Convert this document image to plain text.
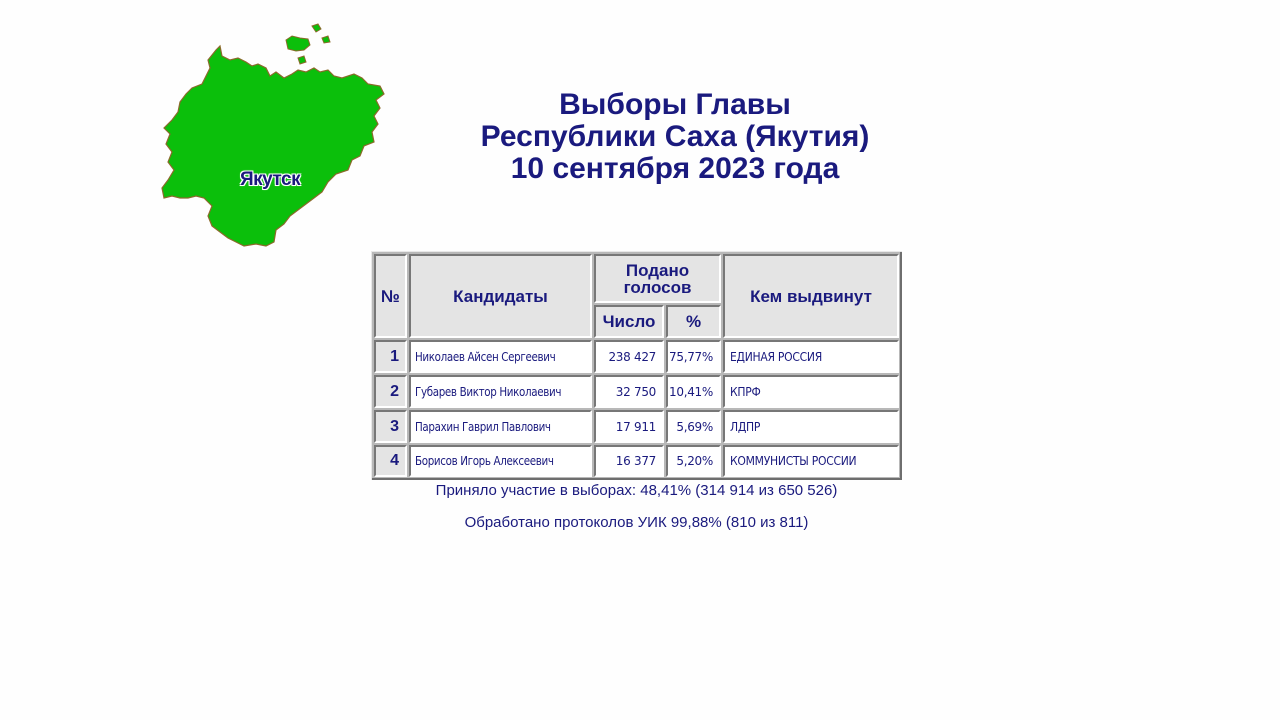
Якутск
Выборы Главы
Республики Саха (Якутия)
10 сентября 2023 года
№	Кандидаты
Подано голосов
Число	%
Кем выдвинут
1	Николаев Айсен Сергеевич	238 427	75,77%	ЕДИНАЯ РОССИЯ
2	Губарев Виктор Николаевич	32 750	10,41%	КПРФ
3	Парахин Гаврил Павлович	17 911	5,69%	ЛДПР
4	Борисов Игорь Алексеевич	16 377	5,20%	КОММУНИСТЫ РОССИИ
Приняло участие в выборах: 48,41% (314 914 из 650 526)
Обработано протоколов УИК 99,88% (810 из 811)
